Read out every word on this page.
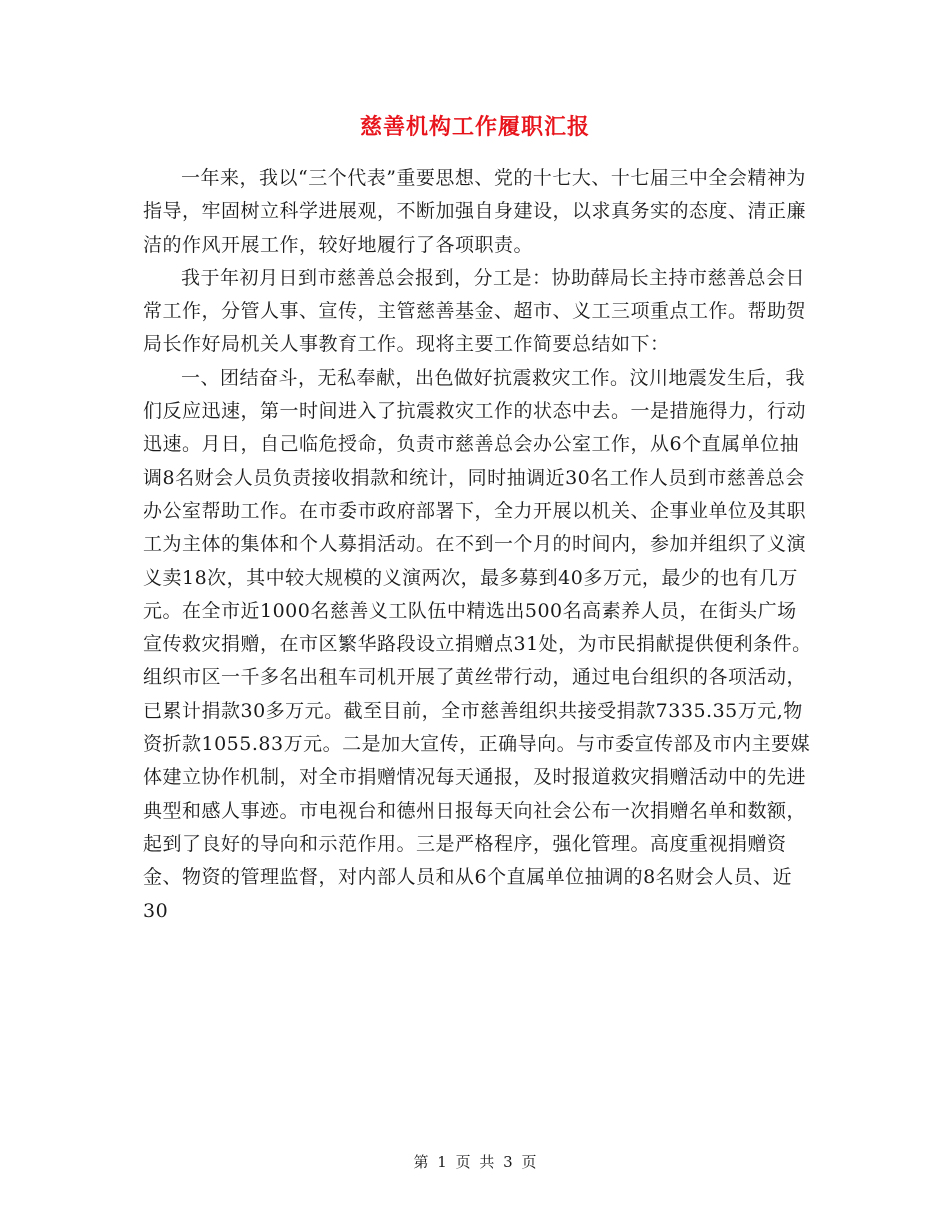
慈善机构工作履职汇报

一年来，我以“三个代表”重要思想、党的十七大、十七届三中全会精神为指导，牢固树立科学进展观，不断加强自身建设，以求真务实的态度、清正廉洁的作风开展工作，较好地履行了各项职责。

我于年初月日到市慈善总会报到，分工是：协助薛局长主持市慈善总会日常工作，分管人事、宣传，主管慈善基金、超市、义工三项重点工作。帮助贺局长作好局机关人事教育工作。现将主要工作简要总结如下：

一、团结奋斗，无私奉献，出色做好抗震救灾工作。汶川地震发生后，我们反应迅速，第一时间进入了抗震救灾工作的状态中去。一是措施得力，行动迅速。月日，自己临危授命，负责市慈善总会办公室工作，从6个直属单位抽调8名财会人员负责接收捐款和统计，同时抽调近30名工作人员到市慈善总会办公室帮助工作。在市委市政府部署下，全力开展以机关、企事业单位及其职工为主体的集体和个人募捐活动。在不到一个月的时间内，参加并组织了义演义卖18次，其中较大规模的义演两次，最多募到40多万元，最少的也有几万元。在全市近1000名慈善义工队伍中精选出500名高素养人员，在街头广场宣传救灾捐赠，在市区繁华路段设立捐赠点31处，为市民捐献提供便利条件。组织市区一千多名出租车司机开展了黄丝带行动，通过电台组织的各项活动，已累计捐款30多万元。截至目前，全市慈善组织共接受捐款7335.35万元,物资折款1055.83万元。二是加大宣传，正确导向。与市委宣传部及市内主要媒体建立协作机制，对全市捐赠情况每天通报，及时报道救灾捐赠活动中的先进典型和感人事迹。市电视台和德州日报每天向社会公布一次捐赠名单和数额，起到了良好的导向和示范作用。三是严格程序，强化管理。高度重视捐赠资金、物资的管理监督，对内部人员和从6个直属单位抽调的8名财会人员、近30

第 1 页 共 3 页
